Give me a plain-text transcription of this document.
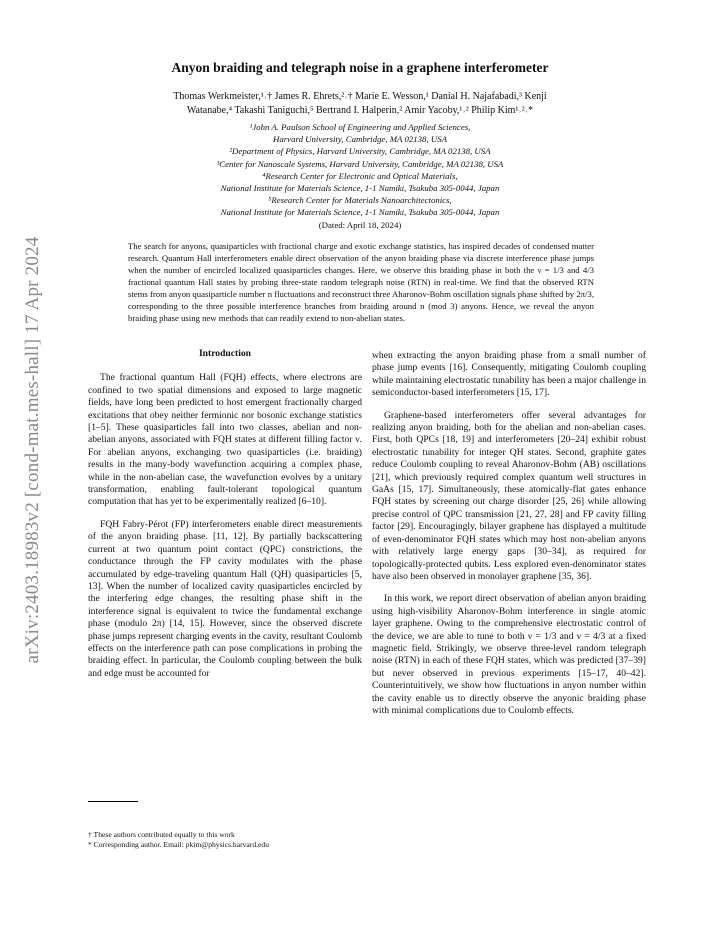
arXiv:2403.18983v2 [cond-mat.mes-hall] 17 Apr 2024
Anyon braiding and telegraph noise in a graphene interferometer
Thomas Werkmeister,¹˒† James R. Ehrets,²˒† Marie E. Wesson,¹ Danial H. Najafabadi,³ Kenji
Watanabe,⁴ Takashi Taniguchi,⁵ Bertrand I. Halperin,² Amir Yacoby,¹˒² Philip Kim¹˒²˒*
¹John A. Paulson School of Engineering and Applied Sciences,
Harvard University, Cambridge, MA 02138, USA
²Department of Physics, Harvard University, Cambridge, MA 02138, USA
³Center for Nanoscale Systems, Harvard University, Cambridge, MA 02138, USA
⁴Research Center for Electronic and Optical Materials,
National Institute for Materials Science, 1-1 Namiki, Tsukuba 305-0044, Japan
⁵Research Center for Materials Nanoarchitectonics,
National Institute for Materials Science, 1-1 Namiki, Tsukuba 305-0044, Japan
(Dated: April 18, 2024)
The search for anyons, quasiparticles with fractional charge and exotic exchange statistics, has inspired decades of condensed matter research. Quantum Hall interferometers enable direct observation of the anyon braiding phase via discrete interference phase jumps when the number of encircled localized quasiparticles changes. Here, we observe this braiding phase in both the ν = 1/3 and 4/3 fractional quantum Hall states by probing three-state random telegraph noise (RTN) in real-time. We find that the observed RTN stems from anyon quasiparticle number n fluctuations and reconstruct three Aharonov-Bohm oscillation signals phase shifted by 2π/3, corresponding to the three possible interference branches from braiding around n (mod 3) anyons. Hence, we reveal the anyon braiding phase using new methods that can readily extend to non-abelian states.
Introduction

The fractional quantum Hall (FQH) effects, where electrons are confined to two spatial dimensions and exposed to large magnetic fields, have long been predicted to host emergent fractionally charged excitations that obey neither fermionic nor bosonic exchange statistics [1–5]. These quasiparticles fall into two classes, abelian and non-abelian anyons, associated with FQH states at different filling factor ν. For abelian anyons, exchanging two quasiparticles (i.e. braiding) results in the many-body wavefunction acquiring a complex phase, while in the non-abelian case, the wavefunction evolves by a unitary transformation, enabling fault-tolerant topological quantum computation that has yet to be experimentally realized [6–10].

FQH Fabry-Pérot (FP) interferometers enable direct measurements of the anyon braiding phase. [11, 12]. By partially backscattering current at two quantum point contact (QPC) constrictions, the conductance through the FP cavity modulates with the phase accumulated by edge-traveling quantum Hall (QH) quasiparticles [5, 13]. When the number of localized cavity quasiparticles encircled by the interfering edge changes, the resulting phase shift in the interference signal is equivalent to twice the fundamental exchange phase (modulo 2π) [14, 15]. However, since the observed discrete phase jumps represent charging events in the cavity, resultant Coulomb effects on the interference path can pose complications in probing the braiding effect. In particular, the Coulomb coupling between the bulk and edge must be accounted for

when extracting the anyon braiding phase from a small number of phase jump events [16]. Consequently, mitigating Coulomb coupling while maintaining electrostatic tunability has been a major challenge in semiconductor-based interferometers [15, 17].

Graphene-based interferometers offer several advantages for realizing anyon braiding, both for the abelian and non-abelian cases. First, both QPCs [18, 19] and interferometers [20–24] exhibit robust electrostatic tunability for integer QH states. Second, graphite gates reduce Coulomb coupling to reveal Aharonov-Bohm (AB) oscillations [21], which previously required complex quantum well structures in GaAs [15, 17]. Simultaneously, these atomically-flat gates enhance FQH states by screening out charge disorder [25, 26] while allowing precise control of QPC transmission [21, 27, 28] and FP cavity filling factor [29]. Encouragingly, bilayer graphene has displayed a multitude of even-denominator FQH states which may host non-abelian anyons with relatively large energy gaps [30–34], as required for topologically-protected qubits. Less explored even-denominator states have also been observed in monolayer graphene [35, 36].

In this work, we report direct observation of abelian anyon braiding using high-visibility Aharonov-Bohm interference in single atomic layer graphene. Owing to the comprehensive electrostatic control of the device, we are able to tune to both ν = 1/3 and ν = 4/3 at a fixed magnetic field. Strikingly, we observe three-level random telegraph noise (RTN) in each of these FQH states, which was predicted [37–39] but never observed in previous experiments [15–17, 40–42]. Counterintuitively, we show how fluctuations in anyon number within the cavity enable us to directly observe the anyonic braiding phase with minimal complications due to Coulomb effects.

† These authors contributed equally to this work
* Corresponding author. Email: pkim@physics.harvard.edu
